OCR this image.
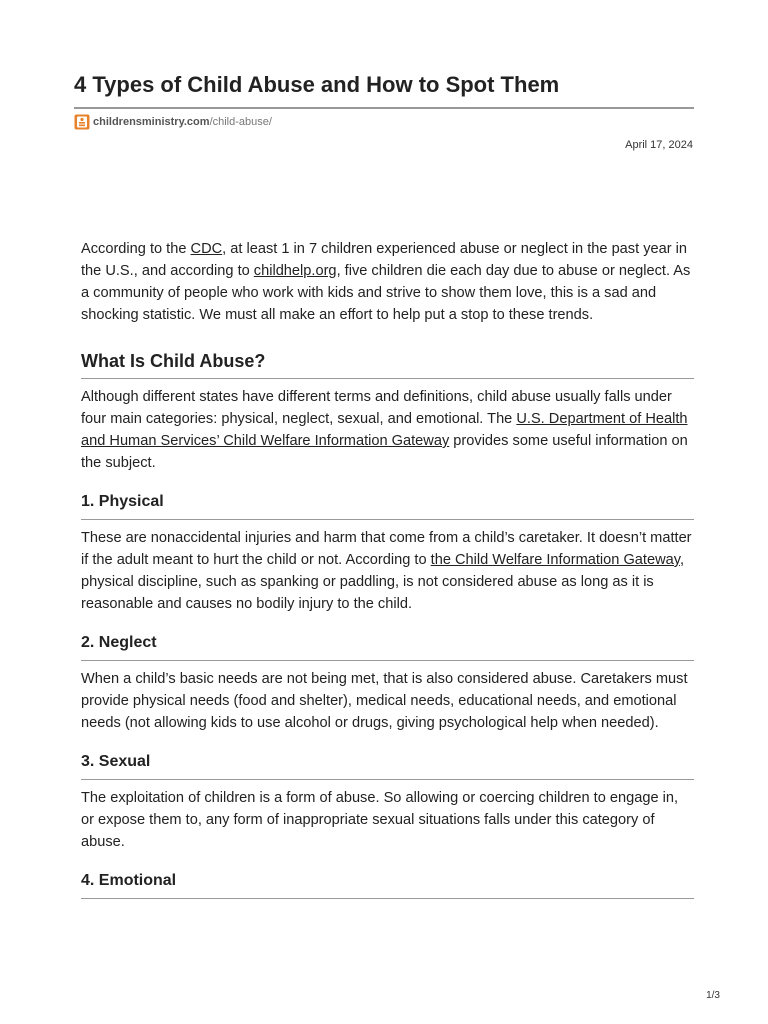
4 Types of Child Abuse and How to Spot Them
childrensministry.com /child-abuse/
April 17, 2024

According to the CDC, at least 1 in 7 children experienced abuse or neglect in the past year in the U.S., and according to childhelp.org, five children die each day due to abuse or neglect. As a community of people who work with kids and strive to show them love, this is a sad and shocking statistic. We must all make an effort to help put a stop to these trends.

What Is Child Abuse?

Although different states have different terms and definitions, child abuse usually falls under four main categories: physical, neglect, sexual, and emotional. The U.S. Department of Health and Human Services’ Child Welfare Information Gateway provides some useful information on the subject.

1. Physical

These are nonaccidental injuries and harm that come from a child’s caretaker. It doesn’t matter if the adult meant to hurt the child or not. According to the Child Welfare Information Gateway, physical discipline, such as spanking or paddling, is not considered abuse as long as it is reasonable and causes no bodily injury to the child.

2. Neglect

When a child’s basic needs are not being met, that is also considered abuse. Caretakers must provide physical needs (food and shelter), medical needs, educational needs, and emotional needs (not allowing kids to use alcohol or drugs, giving psychological help when needed).

3. Sexual

The exploitation of children is a form of abuse. So allowing or coercing children to engage in, or expose them to, any form of inappropriate sexual situations falls under this category of abuse.

4. Emotional
1/3
